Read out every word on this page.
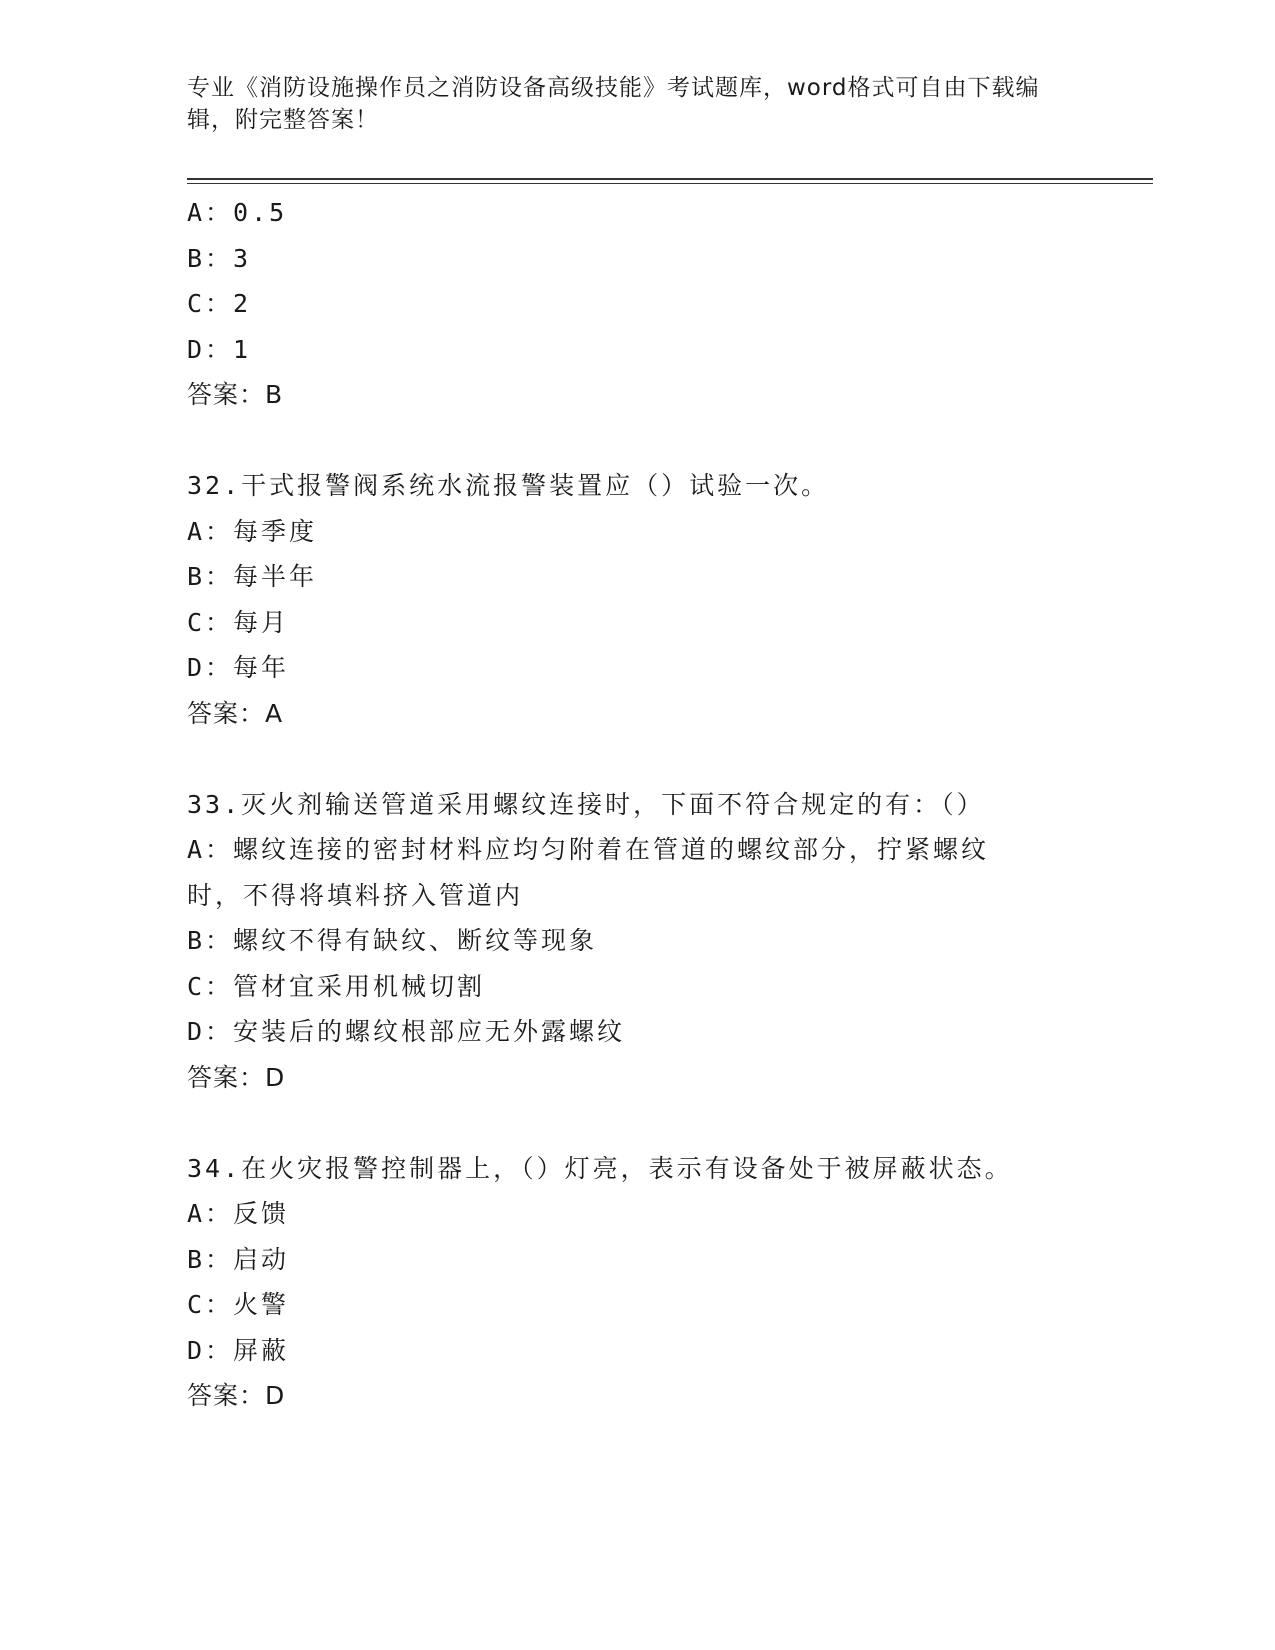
专业《消防设施操作员之消防设备高级技能》考试题库，word格式可自由下载编辑，附完整答案！
A：0.5
B：3
C：2
D：1
答案：B
32.干式报警阀系统水流报警装置应（）试验一次。
A：每季度
B：每半年
C：每月
D：每年
答案：A
33.灭火剂输送管道采用螺纹连接时，下面不符合规定的有：（）
A：螺纹连接的密封材料应均匀附着在管道的螺纹部分，拧紧螺纹时，不得将填料挤入管道内
B：螺纹不得有缺纹、断纹等现象
C：管材宜采用机械切割
D：安装后的螺纹根部应无外露螺纹
答案：D
34.在火灾报警控制器上，（）灯亮，表示有设备处于被屏蔽状态。
A：反馈
B：启动
C：火警
D：屏蔽
答案：D
